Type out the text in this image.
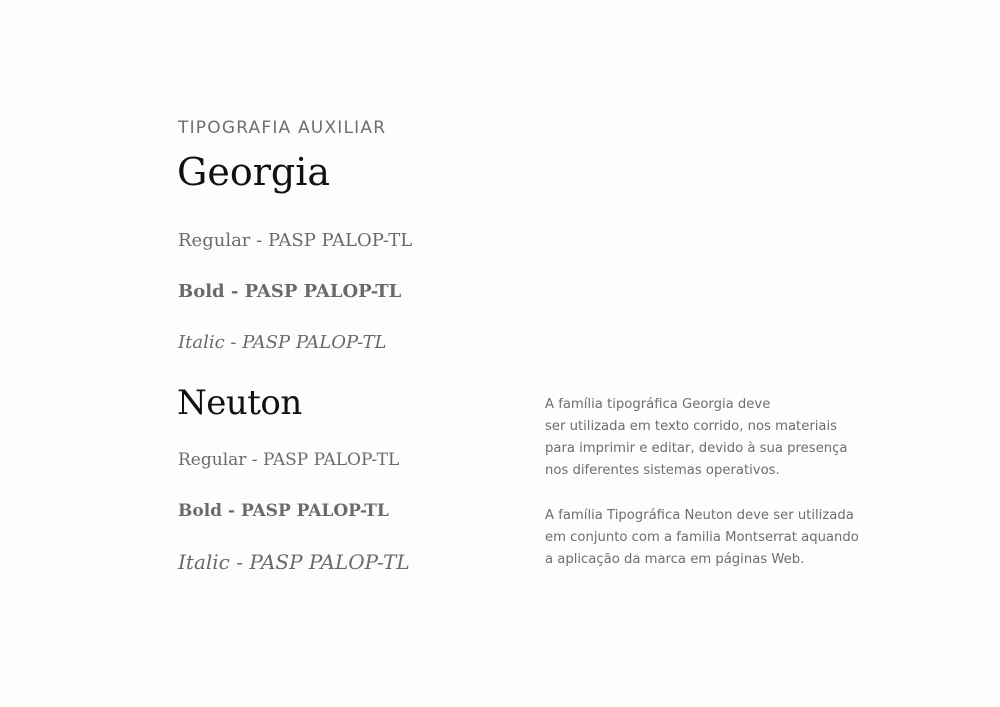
TIPOGRAFIA AUXILIAR
Georgia
Regular - PASP PALOP-TL
Bold - PASP PALOP-TL
Italic - PASP PALOP-TL
Neuton
Regular - PASP PALOP-TL
Bold - PASP PALOP-TL
Italic - PASP PALOP-TL
A família tipográfica Georgia deve
ser utilizada em texto corrido, nos materiais
para imprimir e editar, devido à sua presença
nos diferentes sistemas operativos.
A família Tipográfica Neuton deve ser utilizada
em conjunto com a familia Montserrat aquando
a aplicação da marca em páginas Web.
